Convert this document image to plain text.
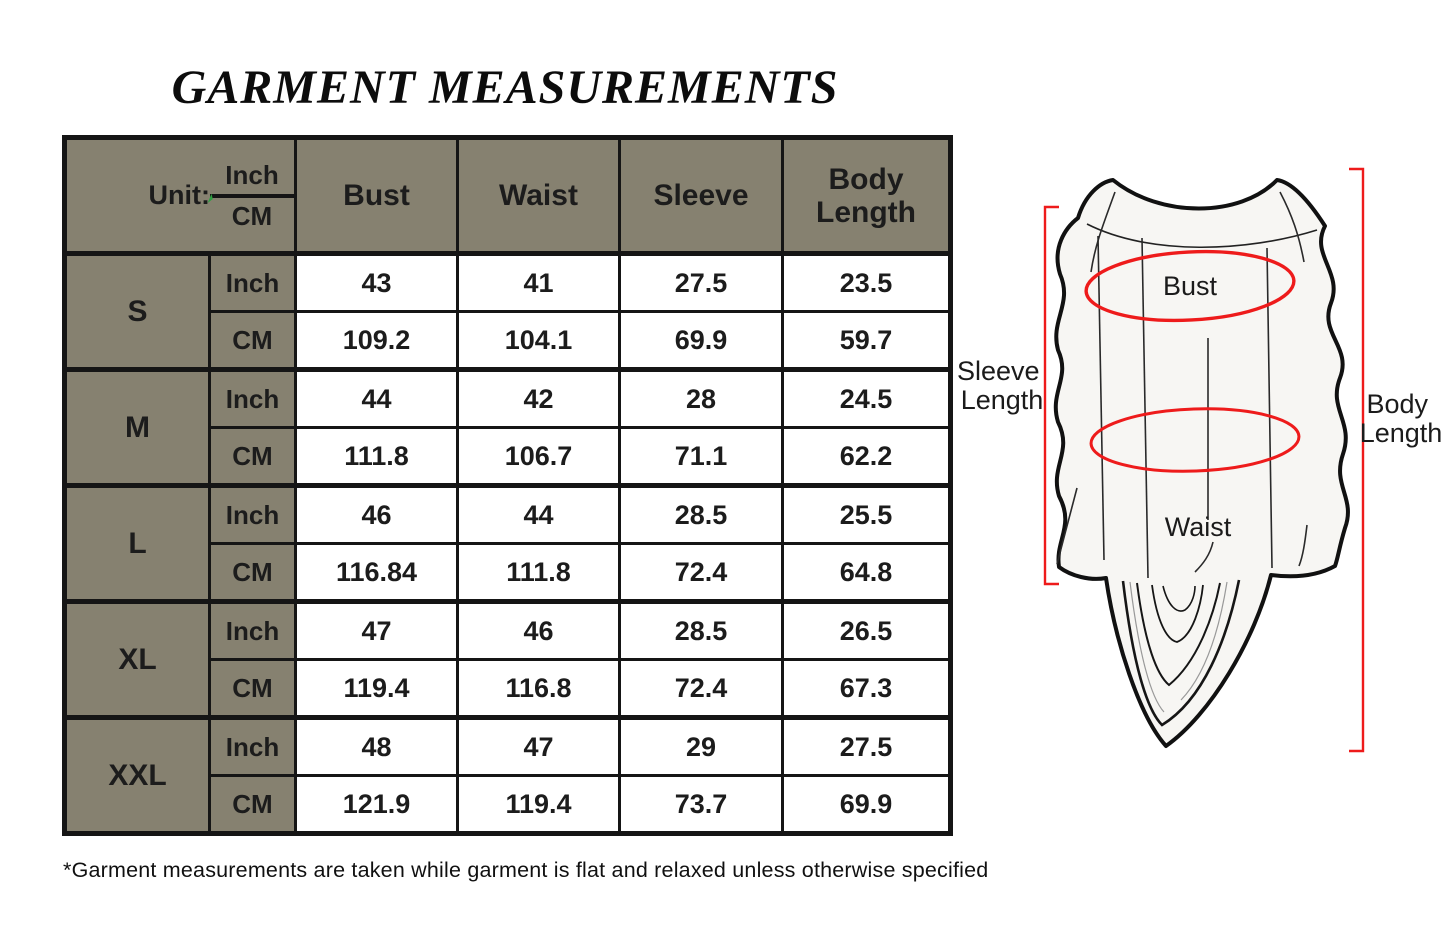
GARMENT MEASUREMENTS
Unit: $\frac{\text{Inch}}{CM}$		Bust	Waist	Sleeve	Body Length
S	Inch	43	41	27.5	23.5
	CM	109.2	104.1	69.9	59.7
M	Inch	44	42	28	24.5
	CM	111.8	106.7	71.1	62.2
L	Inch	46	44	28.5	25.5
	CM	116.84	111.8	72.4	64.8
XL	Inch	47	46	28.5	26.5
	CM	119.4	116.8	72.4	67.3
XXL	Inch	48	47	29	27.5
	CM	121.9	119.4	73.7	69.9
*Garment measurements are taken while garment is flat and relaxed unless otherwise specified
Bust
Waist
Sleeve Length	Body Length
